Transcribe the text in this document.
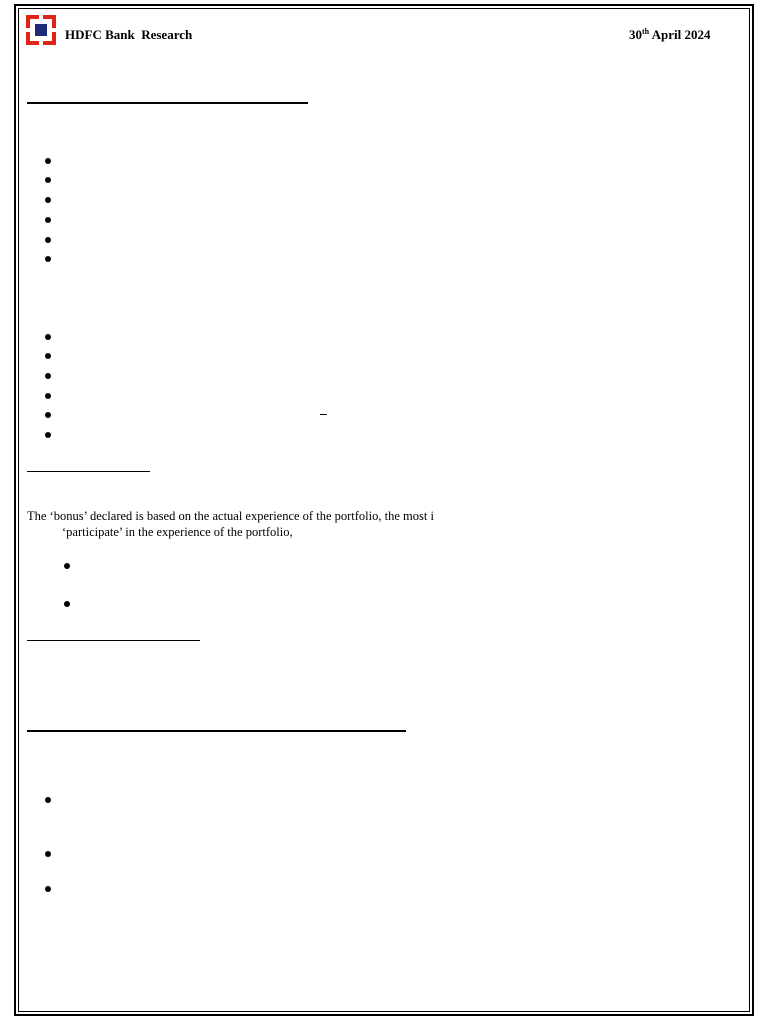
HDFC Bank  Research	30th April 2024
The ‘bonus’ declared is based on the actual experience of the portfolio, the most i
‘participate’ in the experience of the portfolio,
